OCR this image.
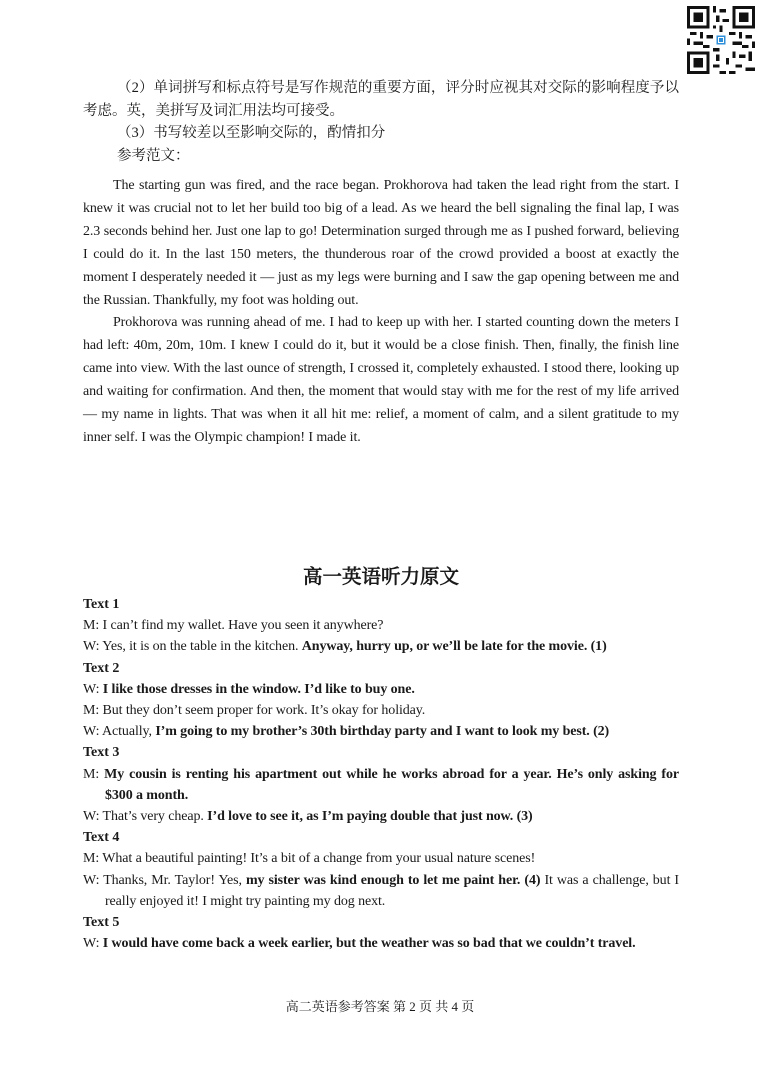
（2）单词拼写和标点符号是写作规范的重要方面，评分时应视其对交际的影响程度予以考虑。英，美拼写及词汇用法均可接受。

（3）书写较差以至影响交际的，酌情扣分

参考范文：

The starting gun was fired, and the race began. Prokhorova had taken the lead right from the start. I knew it was crucial not to let her build too big of a lead. As we heard the bell signaling the final lap, I was 2.3 seconds behind her. Just one lap to go! Determination surged through me as I pushed forward, believing I could do it. In the last 150 meters, the thunderous roar of the crowd provided a boost at exactly the moment I desperately needed it — just as my legs were burning and I saw the gap opening between me and the Russian. Thankfully, my foot was holding out.

Prokhorova was running ahead of me. I had to keep up with her. I started counting down the meters I had left: 40m, 20m, 10m. I knew I could do it, but it would be a close finish. Then, finally, the finish line came into view. With the last ounce of strength, I crossed it, completely exhausted. I stood there, looking up and waiting for confirmation. And then, the moment that would stay with me for the rest of my life arrived — my name in lights. That was when it all hit me: relief, a moment of calm, and a silent gratitude to my inner self. I was the Olympic champion! I made it.

高一英语听力原文

Text 1

M: I can’t find my wallet. Have you seen it anywhere?

W: Yes, it is on the table in the kitchen. Anyway, hurry up, or we’ll be late for the movie. (1)

Text 2

W: I like those dresses in the window. I’d like to buy one.

M: But they don’t seem proper for work. It’s okay for holiday.

W: Actually, I’m going to my brother’s 30th birthday party and I want to look my best. (2)

Text 3

M: My cousin is renting his apartment out while he works abroad for a year. He’s only asking for $300 a month.

W: That’s very cheap. I’d love to see it, as I’m paying double that just now. (3)

Text 4

M: What a beautiful painting! It’s a bit of a change from your usual nature scenes!

W: Thanks, Mr. Taylor! Yes, my sister was kind enough to let me paint her. (4) It was a challenge, but I really enjoyed it! I might try painting my dog next.

Text 5

W: I would have come back a week earlier, but the weather was so bad that we couldn’t travel.

高二英语参考答案 第 2 页 共 4 页
